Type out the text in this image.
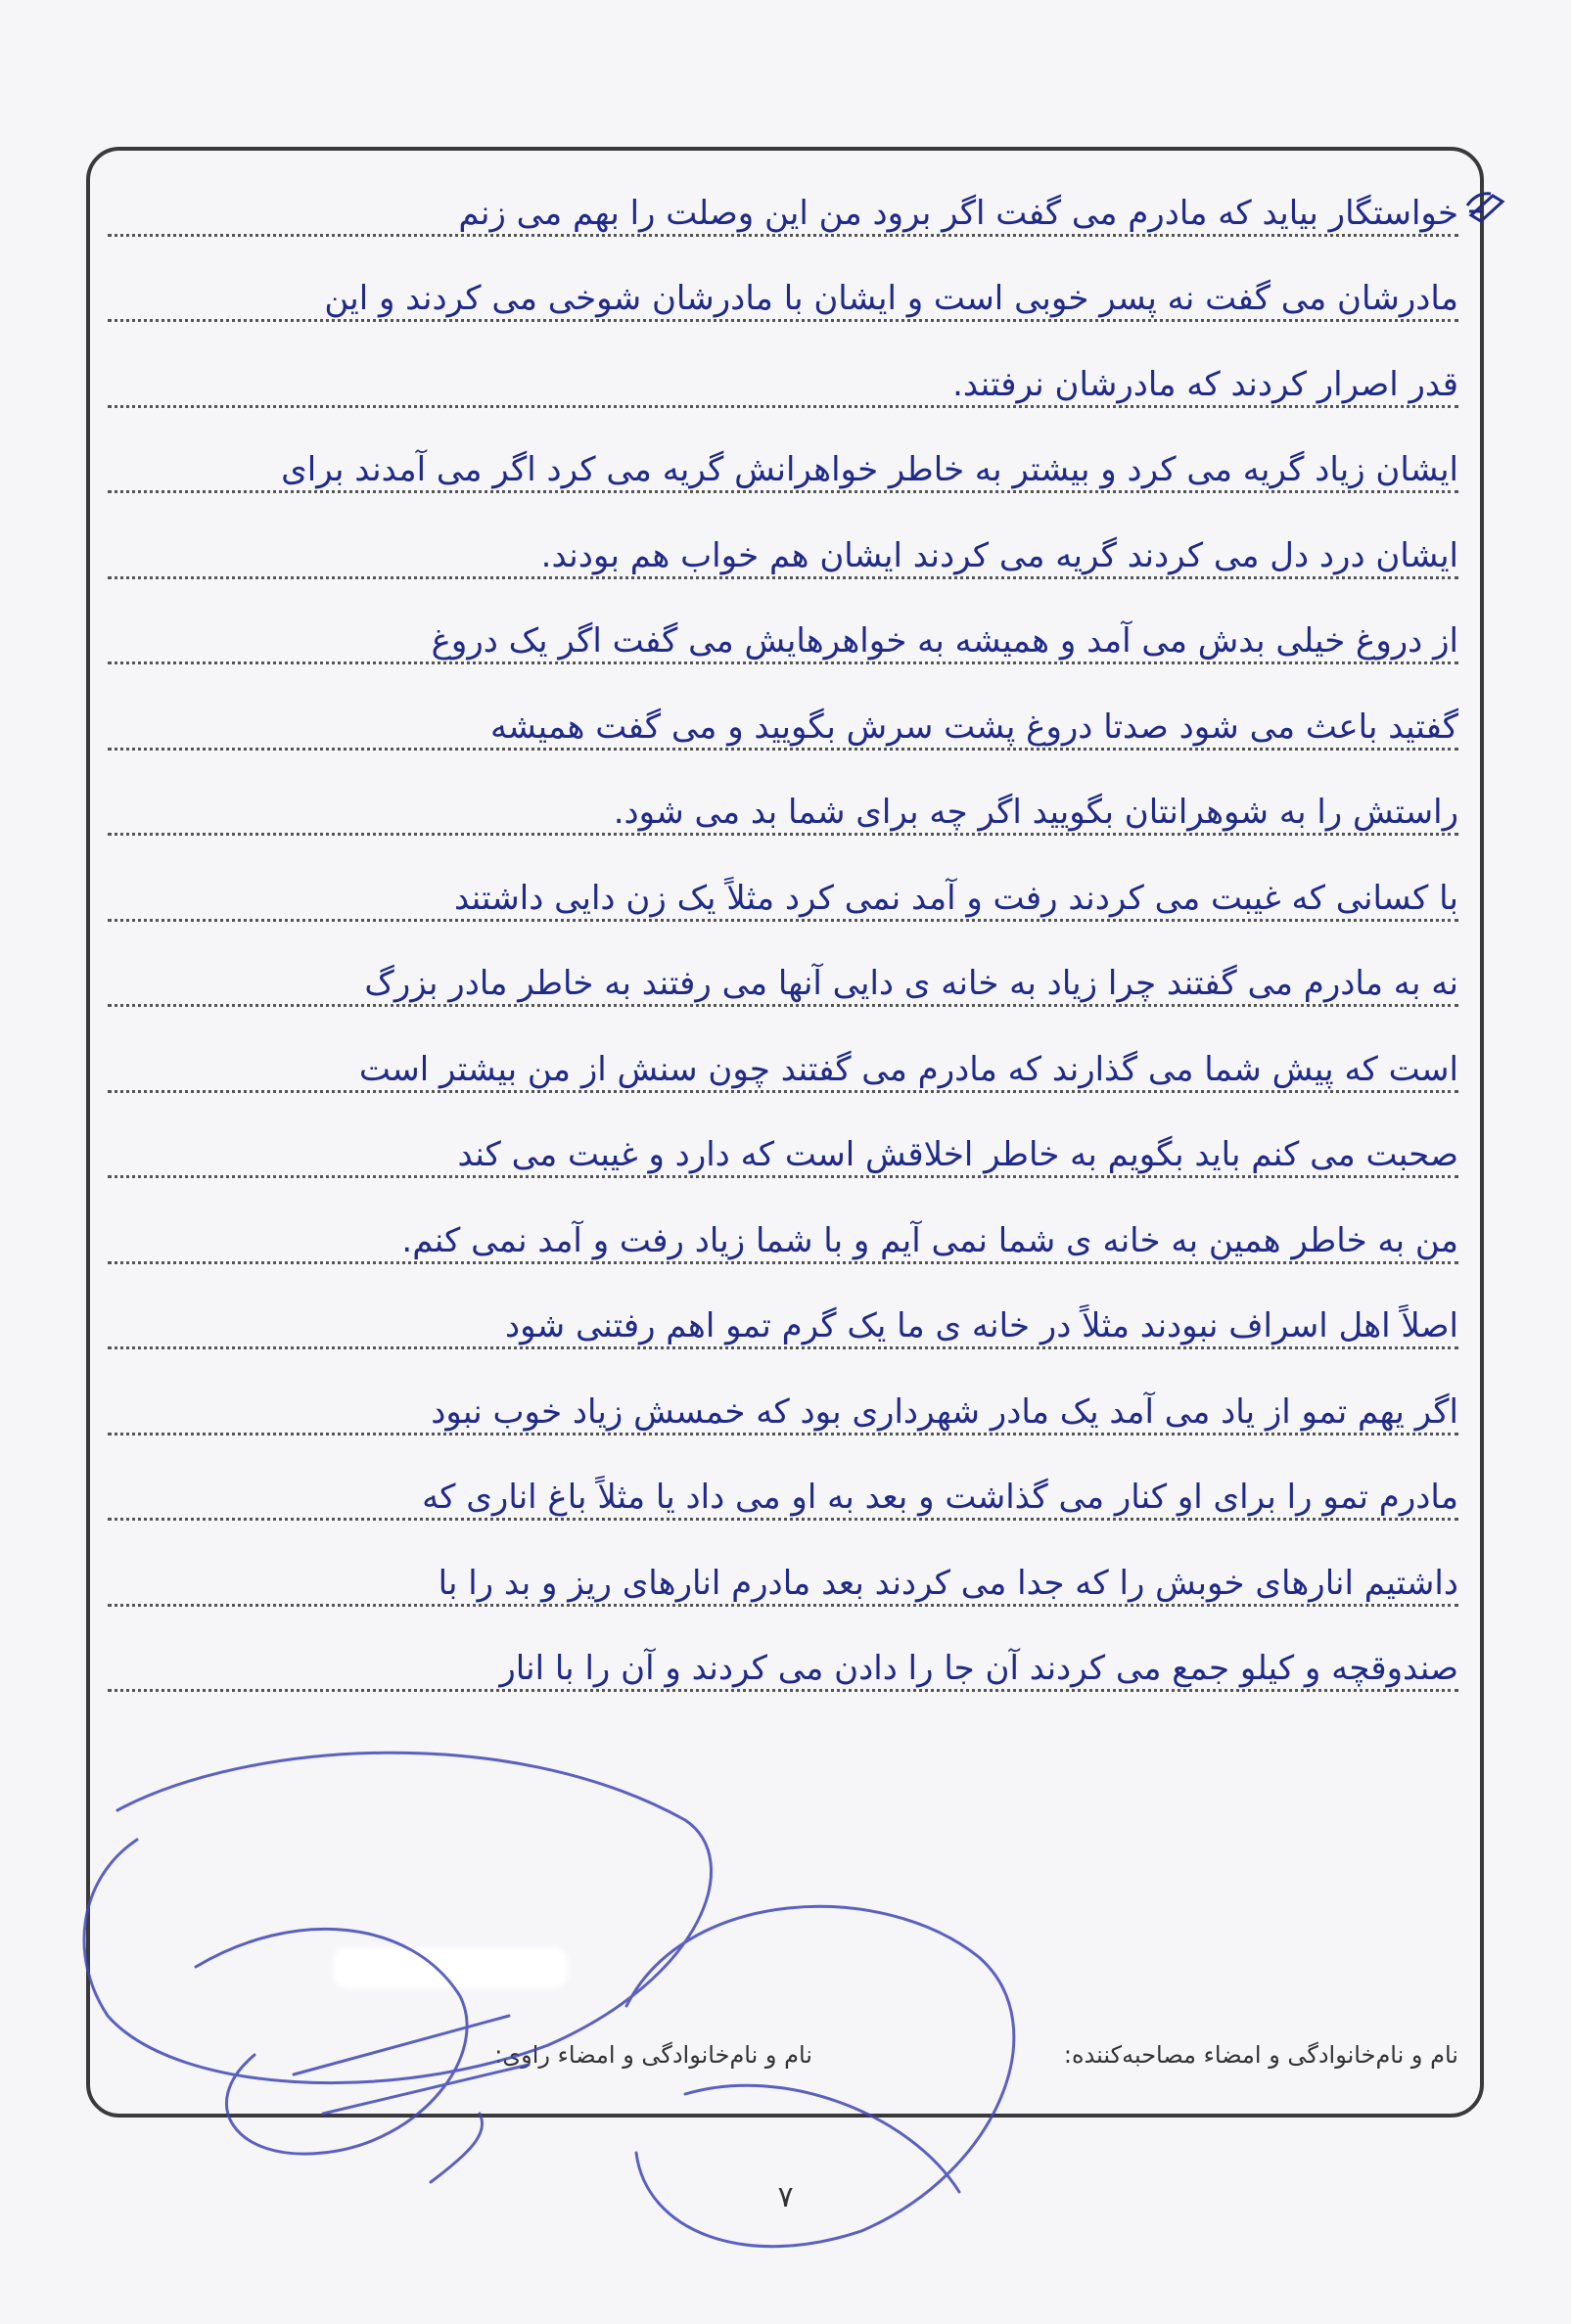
خواستگار بیاید که مادرم می گفت اگر برود من این وصلت را بهم می زنم
مادرشان می گفت نه پسر خوبی است و ایشان با مادرشان شوخی می کردند و این
قدر اصرار کردند که مادرشان نرفتند.
ایشان زیاد گریه می کرد و بیشتر به خاطر خواهرانش گریه می کرد اگر می آمدند برای
ایشان درد دل می کردند گریه می کردند ایشان هم خواب هم بودند.
از دروغ خیلی بدش می آمد و همیشه به خواهرهایش می گفت اگر یک دروغ
گفتید باعث می شود صدتا دروغ پشت سرش بگویید و می گفت همیشه
راستش را به شوهرانتان بگویید اگر چه برای شما بد می شود.
با کسانی که غیبت می کردند رفت و آمد نمی کرد مثلاً یک زن دایی داشتند
نه به مادرم می گفتند چرا زیاد به خانه ی دایی آنها می رفتند به خاطر مادر بزرگ
است که پیش شما می گذارند که مادرم می گفتند چون سنش از من بیشتر است
صحبت می کنم باید بگویم به خاطر اخلاقش است که دارد و غیبت می کند
من به خاطر همین به خانه ی شما نمی آیم و با شما زیاد رفت و آمد نمی کنم.
اصلاً اهل اسراف نبودند مثلاً در خانه ی ما یک گرم تمو اهم رفتنی شود
اگر یهم تمو از یاد می آمد یک مادر شهرداری بود که خمسش زیاد خوب نبود
مادرم تمو را برای او کنار می گذاشت و بعد به او می داد یا مثلاً باغ اناری که
داشتیم انارهای خوبش را که جدا می کردند بعد مادرم انارهای ریز و بد را با
صندوقچه و کیلو جمع می کردند آن جا را دادن می کردند و آن را با انار
نام و نام‌خانوادگی و امضاء مصاحبه‌کننده:
نام و نام‌خانوادگی و امضاء راوی:
۷
